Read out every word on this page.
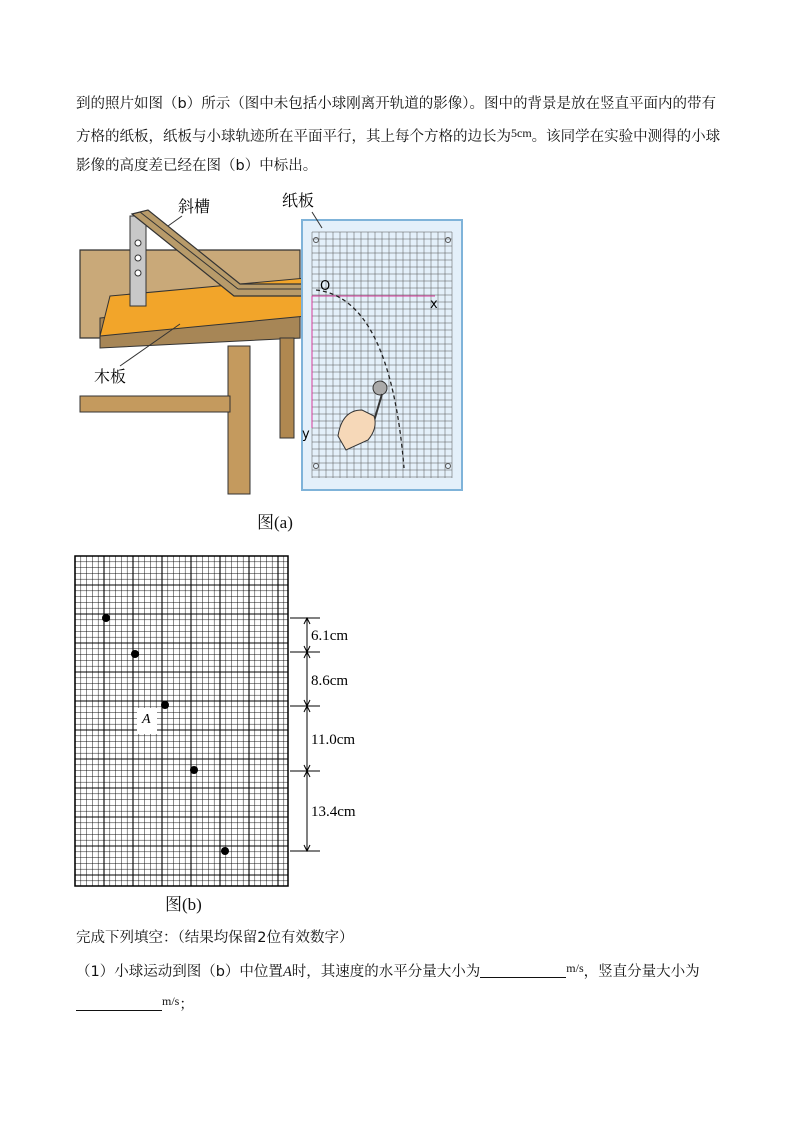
到的照片如图（b）所示（图中未包括小球刚离开轨道的影像）。图中的背景是放在竖直平面内的带有方格的纸板，纸板与小球轨迹所在平面平行，其上每个方格的边长为$^{5cm}$。该同学在实验中测得的小球影像的高度差已经在图（b）中标出。
斜槽	纸板
木板
O
x
y
图(a)
A
6.1cm
8.6cm
11.0cm
13.4cm
图(b)
完成下列填空：（结果均保留2位有效数字）
（1）小球运动到图（b）中位置A时，其速度的水平分量大小为	$^{m/s}$，竖直分量大小为$^{m/s}$；
